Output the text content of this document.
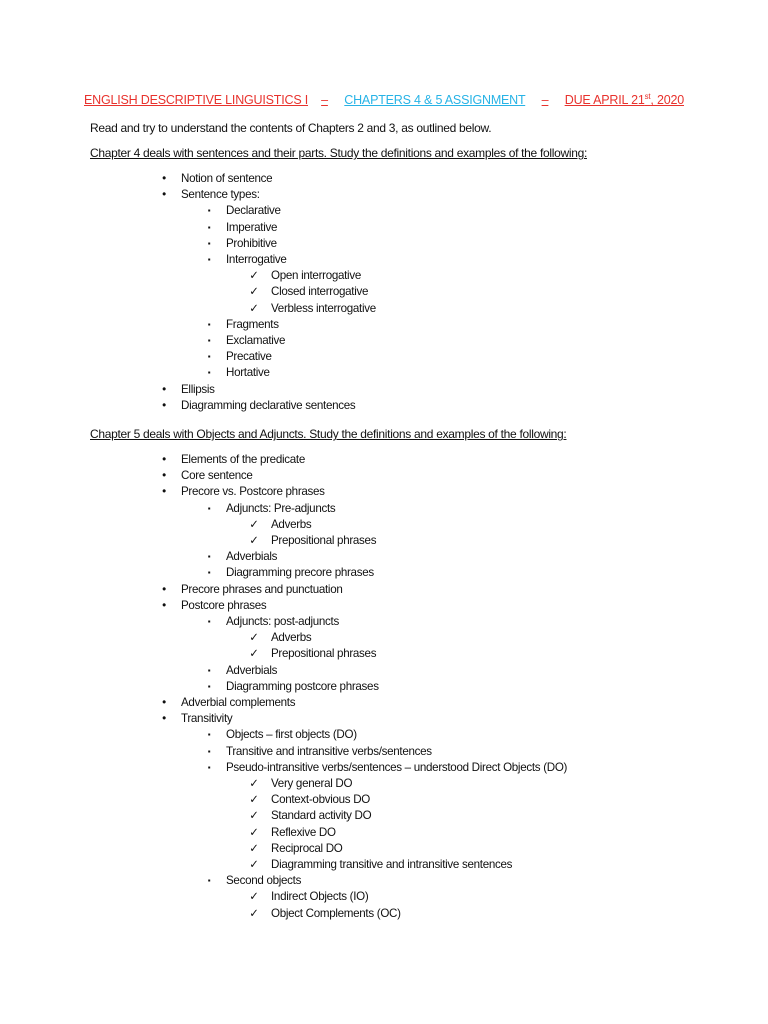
ENGLISH DESCRIPTIVE LINGUISTICS I – CHAPTERS 4 & 5 ASSIGNMENT – DUE APRIL 21st, 2020
Read and try to understand the contents of Chapters 2 and 3, as outlined below.
Chapter 4 deals with sentences and their parts. Study the definitions and examples of the following:
•	Notion of sentence
•	Sentence types:
▪	Declarative
▪	Imperative
▪	Prohibitive
▪	Interrogative
✓ Open interrogative
✓ Closed interrogative
✓ Verbless interrogative
▪	Fragments
▪	Exclamative
▪	Precative
▪	Hortative
•	Ellipsis
•	Diagramming declarative sentences
Chapter 5 deals with Objects and Adjuncts. Study the definitions and examples of the following:
•	Elements of the predicate
•	Core sentence
•	Precore vs. Postcore phrases
▪	Adjuncts: Pre-adjuncts
✓ Adverbs
✓ Prepositional phrases
▪	Adverbials
▪	Diagramming precore phrases
•	Precore phrases and punctuation
•	Postcore phrases
▪	Adjuncts: post-adjuncts
✓ Adverbs
✓ Prepositional phrases
▪	Adverbials
▪	Diagramming postcore phrases
•	Adverbial complements
•	Transitivity
▪	Objects – first objects (DO)
▪	Transitive and intransitive verbs/sentences
▪	Pseudo-intransitive verbs/sentences – understood Direct Objects (DO)
✓ Very general DO
✓ Context-obvious DO
✓ Standard activity DO
✓ Reflexive DO
✓ Reciprocal DO
✓ Diagramming transitive and intransitive sentences
▪	Second objects
✓ Indirect Objects (IO)
✓ Object Complements (OC)
